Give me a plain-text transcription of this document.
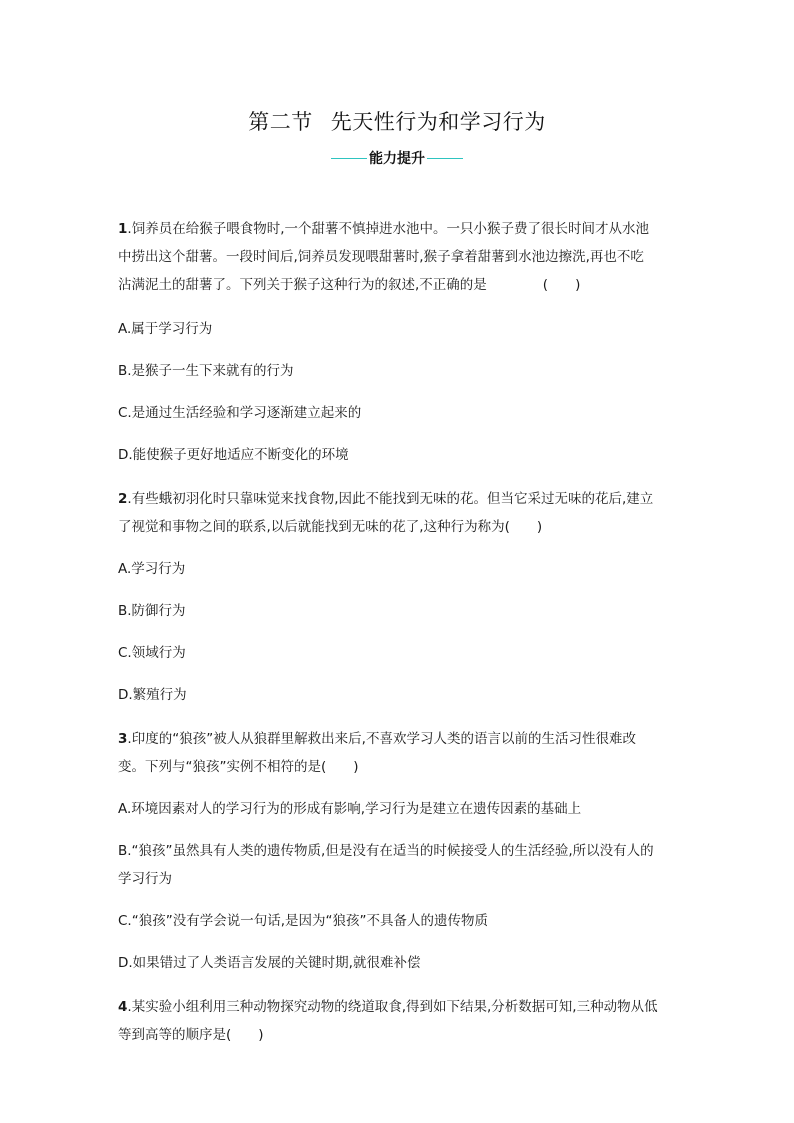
第二节 先天性行为和学习行为
能力提升
1.饲养员在给猴子喂食物时,一个甜薯不慎掉进水池中。一只小猴子费了很长时间才从水池
中捞出这个甜薯。一段时间后,饲养员发现喂甜薯时,猴子拿着甜薯到水池边擦洗,再也不吃
沾满泥土的甜薯了。下列关于猴子这种行为的叙述,不正确的是	(　　)
A.属于学习行为
B.是猴子一生下来就有的行为
C.是通过生活经验和学习逐渐建立起来的
D.能使猴子更好地适应不断变化的环境
2.有些蛾初羽化时只靠味觉来找食物,因此不能找到无味的花。但当它采过无味的花后,建立
了视觉和事物之间的联系,以后就能找到无味的花了,这种行为称为(　　)
A.学习行为
B.防御行为
C.领域行为
D.繁殖行为
3.印度的“狼孩”被人从狼群里解救出来后,不喜欢学习人类的语言以前的生活习性很难改
变。下列与“狼孩”实例不相符的是(　　)
A.环境因素对人的学习行为的形成有影响,学习行为是建立在遗传因素的基础上
B.“狼孩”虽然具有人类的遗传物质,但是没有在适当的时候接受人的生活经验,所以没有人的
学习行为
C.“狼孩”没有学会说一句话,是因为“狼孩”不具备人的遗传物质
D.如果错过了人类语言发展的关键时期,就很难补偿
4.某实验小组利用三种动物探究动物的绕道取食,得到如下结果,分析数据可知,三种动物从低
等到高等的顺序是(　　)
